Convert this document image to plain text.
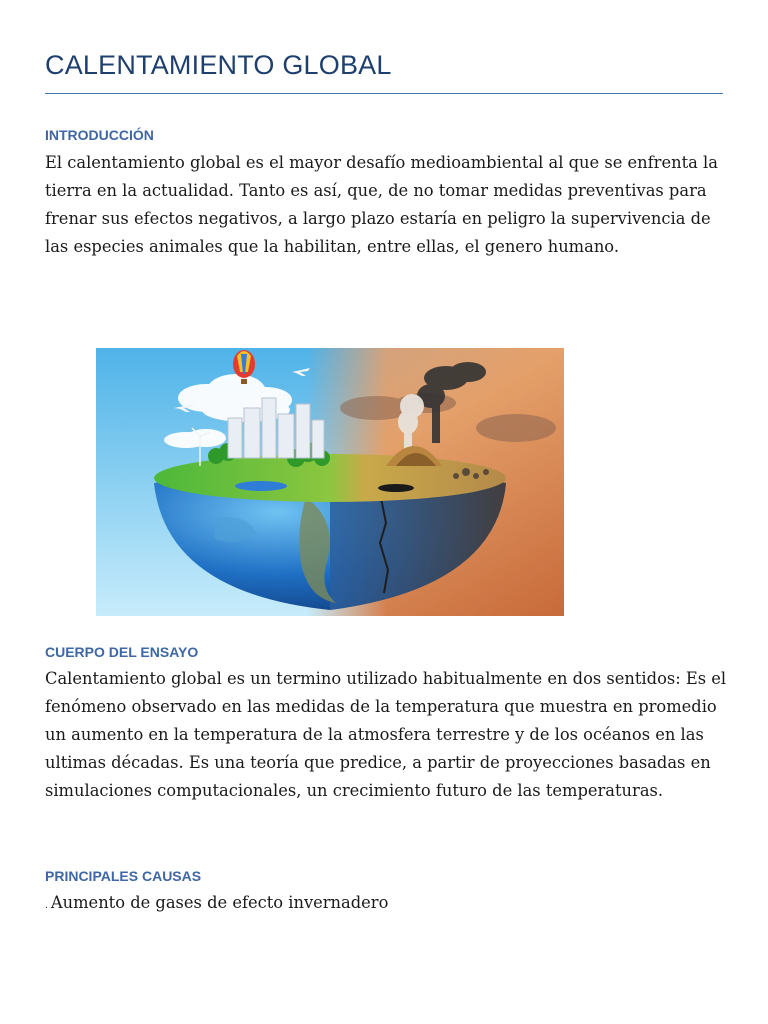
CALENTAMIENTO GLOBAL
INTRODUCCIÓN

El calentamiento global es el mayor desafío medioambiental al que se enfrenta la tierra en la actualidad. Tanto es así, que, de no tomar medidas preventivas para frenar sus efectos negativos, a largo plazo estaría en peligro la supervivencia de las especies animales que la habilitan, entre ellas, el genero humano.

CUERPO DEL ENSAYO

Calentamiento global es un termino utilizado habitualmente en dos sentidos: Es el fenómeno observado en las medidas de la temperatura que muestra en promedio un aumento en la temperatura de la atmosfera terrestre y de los océanos en las ultimas décadas. Es una teoría que predice, a partir de proyecciones basadas en simulaciones computacionales, un crecimiento futuro de las temperaturas.

PRINCIPALES CAUSAS

. Aumento de gases de efecto invernadero
